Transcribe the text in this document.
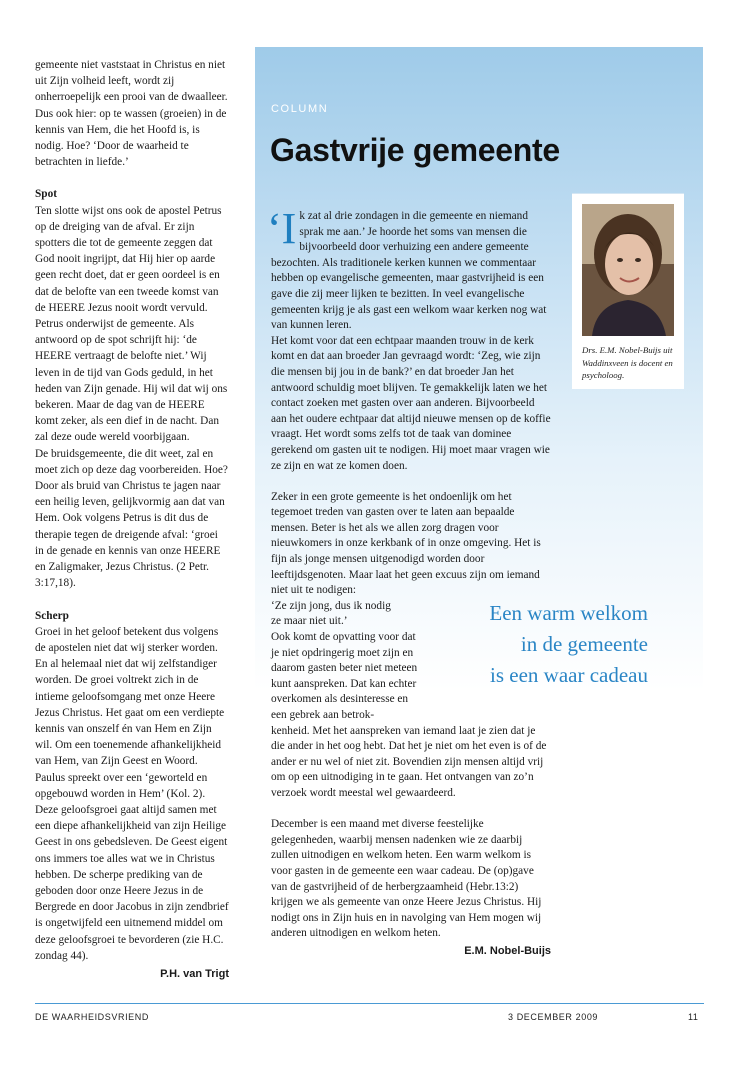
gemeente niet vaststaat in Christus en niet uit Zijn volheid leeft, wordt zij onherroepelijk een prooi van de dwaalleer. Dus ook hier: op te wassen (groeien) in de kennis van Hem, die het Hoofd is, is nodig. Hoe? ‘Door de waarheid te betrachten in liefde.’

Spot

Ten slotte wijst ons ook de apostel Petrus op de dreiging van de afval. Er zijn spotters die tot de gemeente zeggen dat God nooit ingrijpt, dat Hij hier op aarde geen recht doet, dat er geen oordeel is en dat de belofte van een tweede komst van de HEERE Jezus nooit wordt vervuld.

Petrus onderwijst de gemeente. Als antwoord op de spot schrijft hij: ‘de HEERE vertraagt de belofte niet.’ Wij leven in de tijd van Gods geduld, in het heden van Zijn genade. Hij wil dat wij ons bekeren. Maar de dag van de HEERE komt zeker, als een dief in de nacht. Dan zal deze oude wereld voorbijgaan.

De bruidsgemeente, die dit weet, zal en moet zich op deze dag voorbereiden. Hoe? Door als bruid van Christus te jagen naar een heilig leven, gelijkvormig aan dat van Hem. Ook volgens Petrus is dit dus de therapie tegen de dreigende afval: ‘groei in de genade en kennis van onze HEERE en Zaligmaker, Jezus Christus. (2 Petr. 3:17,18).

Scherp

Groei in het geloof betekent dus volgens de apostelen niet dat wij sterker worden. En al helemaal niet dat wij zelfstandiger worden. De groei voltrekt zich in de intieme geloofsomgang met onze Heere Jezus Christus. Het gaat om een verdiepte kennis van onszelf én van Hem en Zijn wil. Om een toenemende afhankelijkheid van Hem, van Zijn Geest en Woord. Paulus spreekt over een ‘geworteld en opgebouwd worden in Hem’ (Kol. 2).

Deze geloofsgroei gaat altijd samen met een diepe afhankelijkheid van zijn Heilige Geest in ons gebedsleven. De Geest eigent ons immers toe alles wat we in Christus hebben. De scherpe prediking van de geboden door onze Heere Jezus in de Bergrede en door Jacobus in zijn zendbrief is ongetwijfeld een uitnemend middel om deze geloofsgroei te bevorderen (zie H.C. zondag 44).

P.H. van Trigt
COLUMN
Gastvrije gemeente

‘Ik zat al drie zondagen in die gemeente en niemand sprak me aan.’ Je hoorde het soms van mensen die bijvoorbeeld door verhuizing een andere gemeente bezochten. Als traditionele kerken kunnen we commentaar hebben op evangelische gemeenten, maar gastvrijheid is een gave die zij meer lijken te bezitten. In veel evangelische gemeenten krijg je als gast een welkom waar kerken nog wat van kunnen leren.

Het komt voor dat een echtpaar maanden trouw in de kerk komt en dat aan broeder Jan gevraagd wordt: ‘Zeg, wie zijn die mensen bij jou in de bank?’ en dat broeder Jan het antwoord schuldig moet blijven. Te gemakkelijk laten we het contact zoeken met gasten over aan anderen. Bijvoorbeeld aan het oudere echtpaar dat altijd nieuwe mensen op de koffie vraagt. Het wordt soms zelfs tot de taak van dominee gerekend om gasten uit te nodigen. Hij moet maar vragen wie ze zijn en wat ze komen doen.

Zeker in een grote gemeente is het ondoenlijk om het tegemoet treden van gasten over te laten aan bepaalde mensen. Beter is het als we allen zorg dragen voor nieuwkomers in onze kerkbank of in onze omgeving. Het is fijn als jonge mensen uitgenodigd worden door leeftijdsgenoten. Maar laat het geen excuus zijn om iemand niet uit te nodigen:

‘Ze zijn jong, dus ik nodig

ze maar niet uit.’

Ook komt de opvatting voor dat je niet opdringerig moet zijn en daarom gasten beter niet meteen kunt aanspreken. Dat kan echter overkomen als desinteresse en een gebrek aan betrok-

kenheid. Met het aanspreken van iemand laat je zien dat je die ander in het oog hebt. Dat het je niet om het even is of de ander er nu wel of niet zit. Bovendien zijn mensen altijd vrij om op een uitnodiging in te gaan. Het ontvangen van zo’n verzoek wordt meestal wel gewaardeerd.

December is een maand met diverse feestelijke gelegenheden, waarbij mensen nadenken wie ze daarbij zullen uitnodigen en welkom heten. Een warm welkom is voor gasten in de gemeente een waar cadeau. De (op)gave van de gastvrijheid of de herbergzaamheid (Hebr.13:2) krijgen we als gemeente van onze Heere Jezus Christus. Hij nodigt ons in Zijn huis en in navolging van Hem mogen wij anderen uitnodigen en welkom heten.

E.M. Nobel-Buijs
Drs. E.M. Nobel-Buijs uit Waddinxveen is docent en psycholoog.
Een warm welkom
in de gemeente
is een waar cadeau
DE WAARHEIDSVRIEND	3 DECEMBER 2009	11
